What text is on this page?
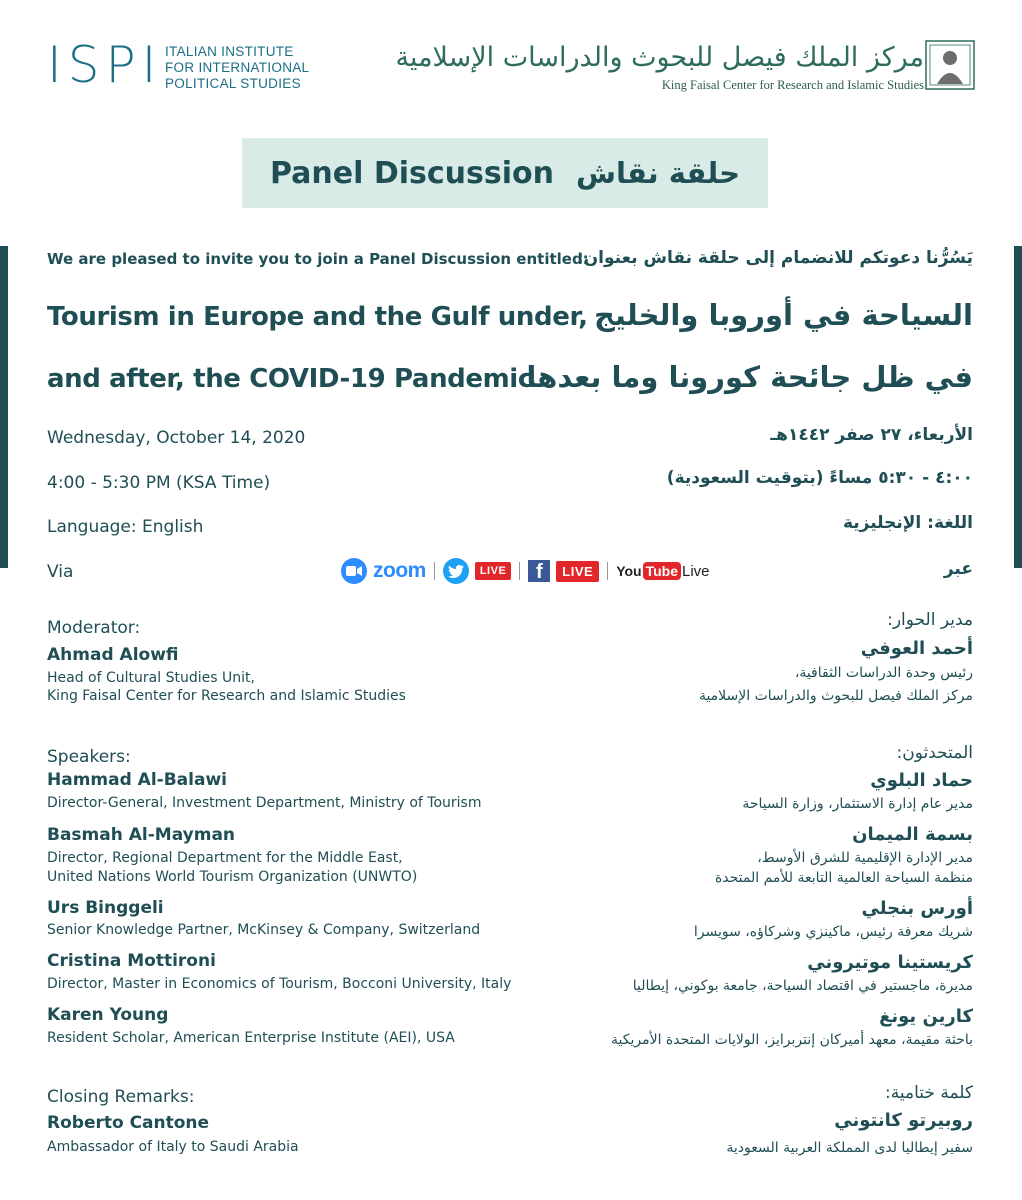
ISPI ITALIAN INSTITUTE
FOR INTERNATIONAL
POLITICAL STUDIES
مركز الملك فيصل للبحوث والدراسات الإسلامية
King Faisal Center for Research and Islamic Studies
Panel Discussion حلقة نقاش
We are pleased to invite you to join a Panel Discussion entitled:
يَسُرُّنا دعوتكم للانضمام إلى حلقة نقاش بعنوان:
Tourism in Europe and the Gulf under,
and after, the COVID-19 Pandemic
السياحة في أوروبا والخليج
في ظل جائحة كورونا وما بعدها
Wednesday, October 14, 2020	الأربعاء، ٢٧ صفر ١٤٤٢هـ
4:00 - 5:30 PM (KSA Time)	٤:٠٠ - ٥:٣٠ مساءً (بتوقيت السعودية)
Language: English	اللغة: الإنجليزية
Via	عبر
zoom	LIVE	f	LIVE	You Tube Live
Moderator:	مدير الحوار:
Ahmad Alowfi	أحمد العوفي
Head of Cultural Studies Unit,
King Faisal Center for Research and Islamic Studies
رئيس وحدة الدراسات الثقافية،
مركز الملك فيصل للبحوث والدراسات الإسلامية
Speakers:	المتحدثون:
Hammad Al-Balawi
Director-General, Investment Department, Ministry of Tourism
حماد البلوي
مدير عام إدارة الاستثمار، وزارة السياحة
Basmah Al-Mayman
Director, Regional Department for the Middle East,
United Nations World Tourism Organization (UNWTO)
بسمة الميمان
مدير الإدارة الإقليمية للشرق الأوسط،
منظمة السياحة العالمية التابعة للأمم المتحدة
Urs Binggeli
Senior Knowledge Partner, McKinsey & Company, Switzerland
أورس بنجلي
شريك معرفة رئيس، ماكينزي وشركاؤه، سويسرا
Cristina Mottironi
Director, Master in Economics of Tourism, Bocconi University, Italy
كريستينا موتيروني
مديرة، ماجستير في اقتصاد السياحة، جامعة بوكوني، إيطاليا
Karen Young
Resident Scholar, American Enterprise Institute (AEI), USA
كارين يونغ
باحثة مقيمة، معهد أميركان إنتربرايز، الولايات المتحدة الأمريكية
Closing Remarks:	كلمة ختامية:
Roberto Cantone	روبيرتو كانتوني
Ambassador of Italy to Saudi Arabia	سفير إيطاليا لدى المملكة العربية السعودية
